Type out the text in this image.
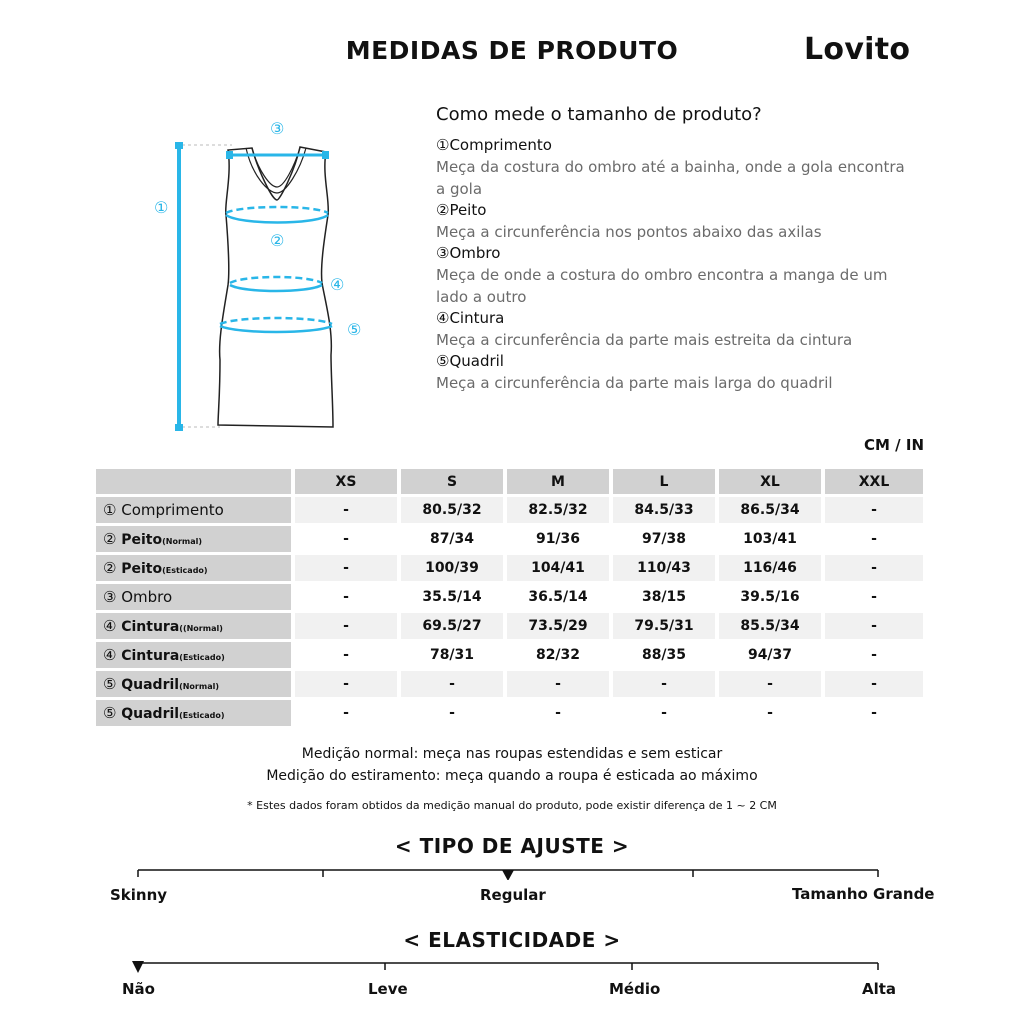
MEDIDAS DE PRODUTO	Lovito
①
②
③
④
⑤
Como mede o tamanho de produto?
①Comprimento
Meça da costura do ombro até a bainha, onde a gola encontra a gola
②Peito
Meça a circunferência nos pontos abaixo das axilas
③Ombro
Meça de onde a costura do ombro encontra a manga de um lado a outro
④Cintura
Meça a circunferência da parte mais estreita da cintura
⑤Quadril
Meça a circunferência da parte mais larga do quadril
CM / IN
	XS	S	M	L	XL	XXL
① Comprimento	-	80.5/32	82.5/32	84.5/33	86.5/34	-
② Peito(Normal)	-	87/34	91/36	97/38	103/41	-
② Peito(Esticado)	-	100/39	104/41	110/43	116/46	-
③ Ombro	-	35.5/14	36.5/14	38/15	39.5/16	-
④ Cintura((Normal)	-	69.5/27	73.5/29	79.5/31	85.5/34	-
④ Cintura(Esticado)	-	78/31	82/32	88/35	94/37	-
⑤ Quadril(Normal)	-	-	-	-	-	-
⑤ Quadril(Esticado)	-	-	-	-	-	-
Medição normal: meça nas roupas estendidas e sem esticar
Medição do estiramento: meça quando a roupa é esticada ao máximo
* Estes dados foram obtidos da medição manual do produto, pode existir diferença de 1 ~ 2 CM
< TIPO DE AJUSTE >
Skinny	Regular	Tamanho Grande
< ELASTICIDADE >
Não	Leve	Médio	Alta
